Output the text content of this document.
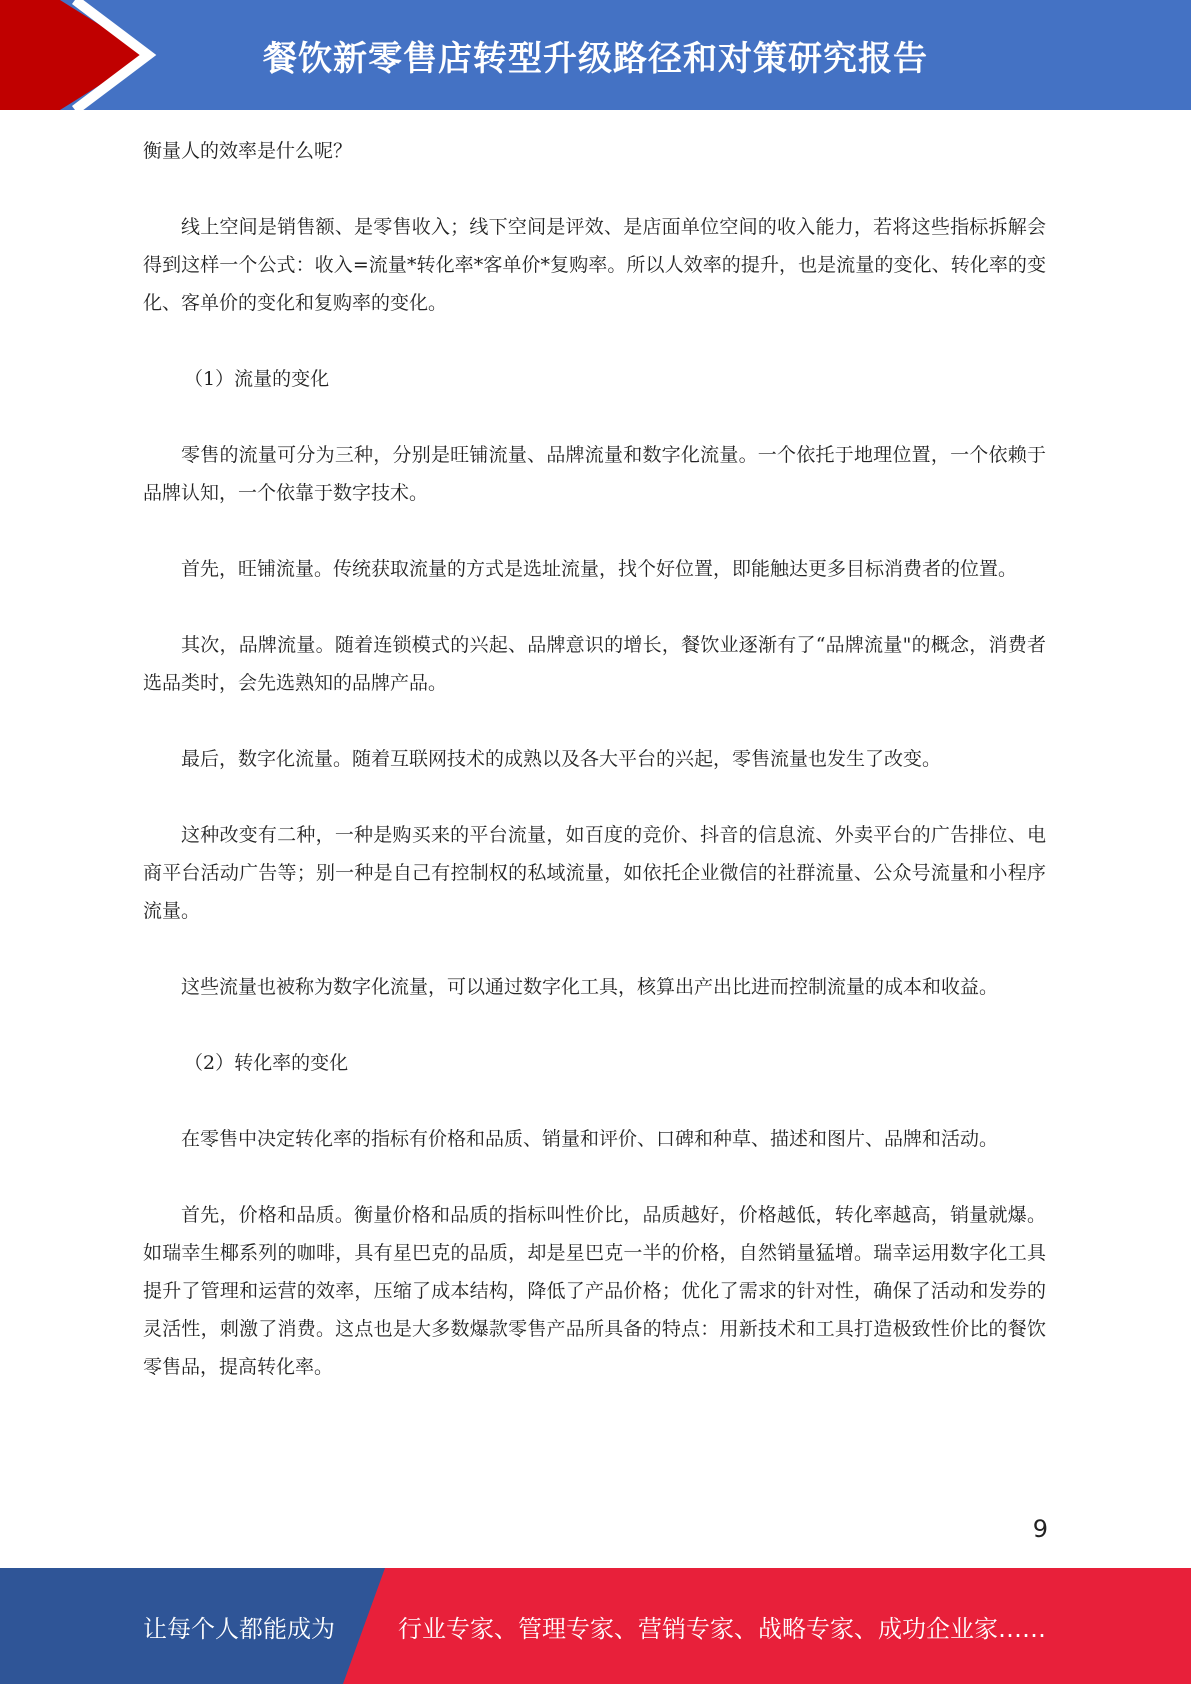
餐饮新零售店转型升级路径和对策研究报告

衡量人的效率是什么呢？

线上空间是销售额、是零售收入；线下空间是评效、是店面单位空间的收入能力，若将这些指标拆解会得到这样一个公式：收入=流量*转化率*客单价*复购率。所以人效率的提升，也是流量的变化、转化率的变化、客单价的变化和复购率的变化。

（1）流量的变化

零售的流量可分为三种，分别是旺铺流量、品牌流量和数字化流量。一个依托于地理位置，一个依赖于品牌认知，一个依靠于数字技术。

首先，旺铺流量。传统获取流量的方式是选址流量，找个好位置，即能触达更多目标消费者的位置。

其次，品牌流量。随着连锁模式的兴起、品牌意识的增长，餐饮业逐渐有了“品牌流量"的概念，消费者选品类时，会先选熟知的品牌产品。

最后，数字化流量。随着互联网技术的成熟以及各大平台的兴起，零售流量也发生了改变。

这种改变有二种，一种是购买来的平台流量，如百度的竞价、抖音的信息流、外卖平台的广告排位、电商平台活动广告等；别一种是自己有控制权的私域流量，如依托企业微信的社群流量、公众号流量和小程序流量。

这些流量也被称为数字化流量，可以通过数字化工具，核算出产出比进而控制流量的成本和收益。

（2）转化率的变化

在零售中决定转化率的指标有价格和品质、销量和评价、口碑和种草、描述和图片、品牌和活动。

首先，价格和品质。衡量价格和品质的指标叫性价比，品质越好，价格越低，转化率越高，销量就爆。如瑞幸生椰系列的咖啡，具有星巴克的品质，却是星巴克一半的价格，自然销量猛增。瑞幸运用数字化工具提升了管理和运营的效率，压缩了成本结构，降低了产品价格；优化了需求的针对性，确保了活动和发券的灵活性，刺激了消费。这点也是大多数爆款零售产品所具备的特点：用新技术和工具打造极致性价比的餐饮零售品，提高转化率。

9
让每个人都能成为	行业专家、管理专家、营销专家、战略专家、成功企业家……
